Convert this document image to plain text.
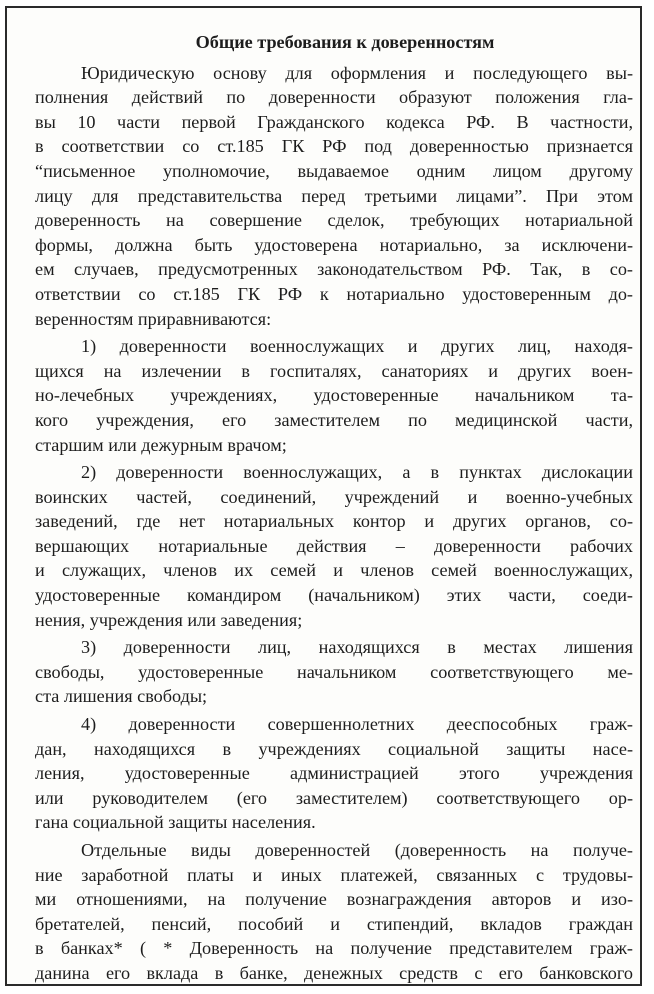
Общие требования к доверенностям
Юридическую основу для оформления и последующего вы-
полнения действий по доверенности образуют положения гла-
вы 10 части первой Гражданского кодекса РФ. В частности,
в соответствии со ст.185 ГК РФ под доверенностью признается
“письменное уполномочие, выдаваемое одним лицом другому
лицу для представительства перед третьими лицами”. При этом
доверенность на совершение сделок, требующих нотариальной
формы, должна быть удостоверена нотариально, за исключени-
ем случаев, предусмотренных законодательством РФ. Так, в со-
ответствии со ст.185 ГК РФ к нотариально удостоверенным до-
веренностям приравниваются:
1) доверенности военнослужащих и других лиц, находя-
щихся на излечении в госпиталях, санаториях и других воен-
но-лечебных учреждениях, удостоверенные начальником та-
кого учреждения, его заместителем по медицинской части,
старшим или дежурным врачом;
2) доверенности военнослужащих, а в пунктах дислокации
воинских частей, соединений, учреждений и военно-учебных
заведений, где нет нотариальных контор и других органов, со-
вершающих нотариальные действия – доверенности рабочих
и служащих, членов их семей и членов семей военнослужащих,
удостоверенные командиром (начальником) этих части, соеди-
нения, учреждения или заведения;
3) доверенности лиц, находящихся в местах лишения
свободы, удостоверенные начальником соответствующего ме-
ста лишения свободы;
4) доверенности совершеннолетних дееспособных граж-
дан, находящихся в учреждениях социальной защиты насе-
ления, удостоверенные администрацией этого учреждения
или руководителем (его заместителем) соответствующего ор-
гана социальной защиты населения.
Отдельные виды доверенностей (доверенность на получе-
ние заработной платы и иных платежей, связанных с трудовы-
ми отношениями, на получение вознаграждения авторов и изо-
бретателей, пенсий, пособий и стипендий, вкладов граждан
в банках* ( * Доверенность на получение представителем граж-
данина его вклада в банке, денежных средств с его банковского
